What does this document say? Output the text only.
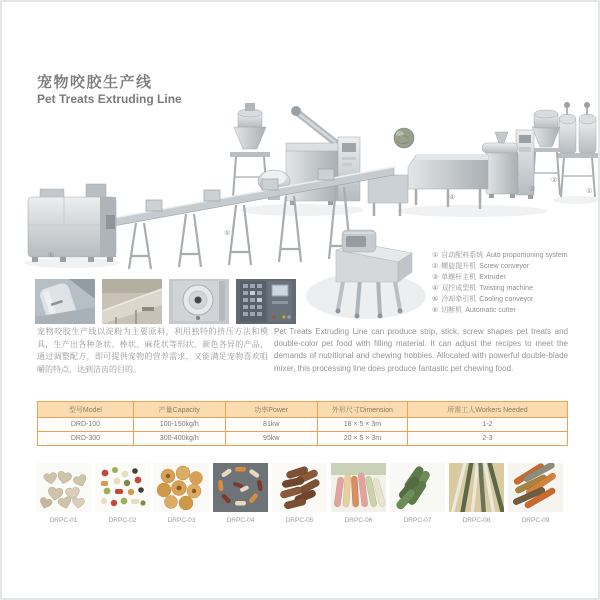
宠物咬胶生产线
Pet Treats Extruding Line
①
②
③
④
⑤
⑥	① 自动配料系统 Auto proportioning system
② 螺旋提升机 Screw conveyor
③ 单螺杆主机 Extruder
④ 双拧成型机 Twisting machine
⑤ 冷却牵引机 Cooling conveyor
⑥ 切断机 Automatic cutter
宠物咬胶生产线以淀粉为主要原料，利用独特的挤压方法和模具，生产出各种条状、棒状、麻花状等形状、颜色各异的产品，通过调整配方，即可提供宠物的营养需求，又能满足宠物喜欢咀嚼的特点，达到洁齿的目的。
Pet Treats Extruding Line can produce strip, stick, screw shapes pet treats and double-color pet food with filling material. It can adjust the recipes to meet the demands of nutritional and chewing hobbies. Allocated with powerful double-blade mixer, this processing line does produce fantastic pet chewing food.
型号Model	产量Capacity	功率Power	外形尺寸Dimension	所需工人Workers Needed
DRD-100	100-150kg/h	81kw	18 × 5 × 3m	1-2
DRD-300	300-400kg/h	95kw	20 × 5 × 3m	2-3
DRPC-01	DRPC-02	DRPC-03	DRPC-04	DRPC-05	DRPC-06	DRPC-07	DRPC-08	DRPC-09
